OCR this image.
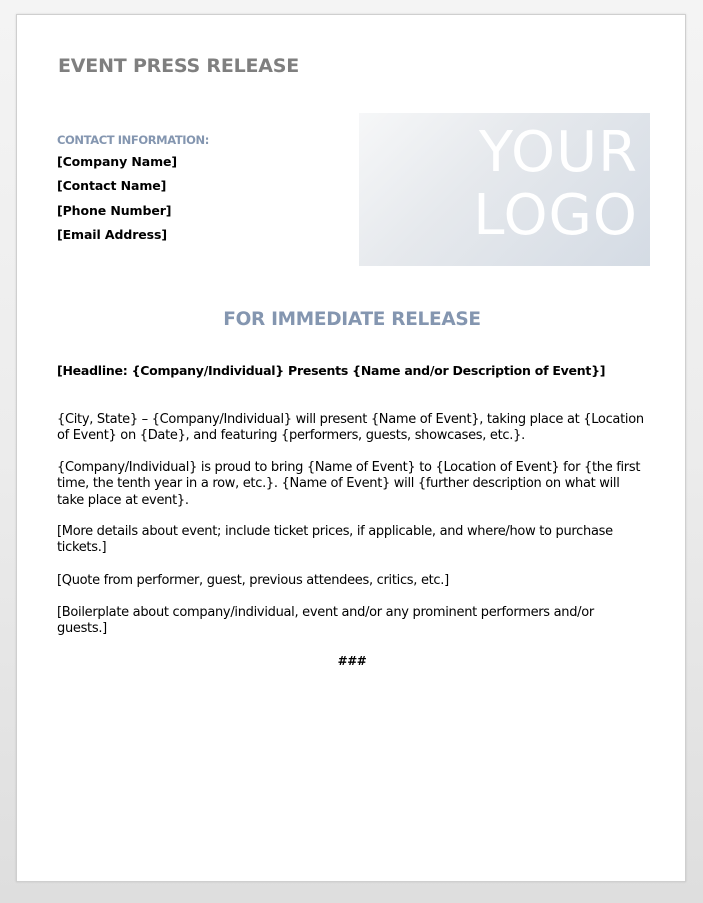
EVENT PRESS RELEASE
CONTACT INFORMATION:
[Company Name]
[Contact Name]
[Phone Number]
[Email Address]
YOUR
LOGO
FOR IMMEDIATE RELEASE
[Headline: {Company/Individual} Presents {Name and/or Description of Event}]

{City, State} – {Company/Individual} will present {Name of Event}, taking place at {Location of Event} on {Date}, and featuring {performers, guests, showcases, etc.}.

{Company/Individual} is proud to bring {Name of Event} to {Location of Event} for {the first time, the tenth year in a row, etc.}. {Name of Event} will {further description on what will take place at event}.

[More details about event; include ticket prices, if applicable, and where/how to purchase tickets.]

[Quote from performer, guest, previous attendees, critics, etc.]

[Boilerplate about company/individual, event and/or any prominent performers and/or guests.]

###
